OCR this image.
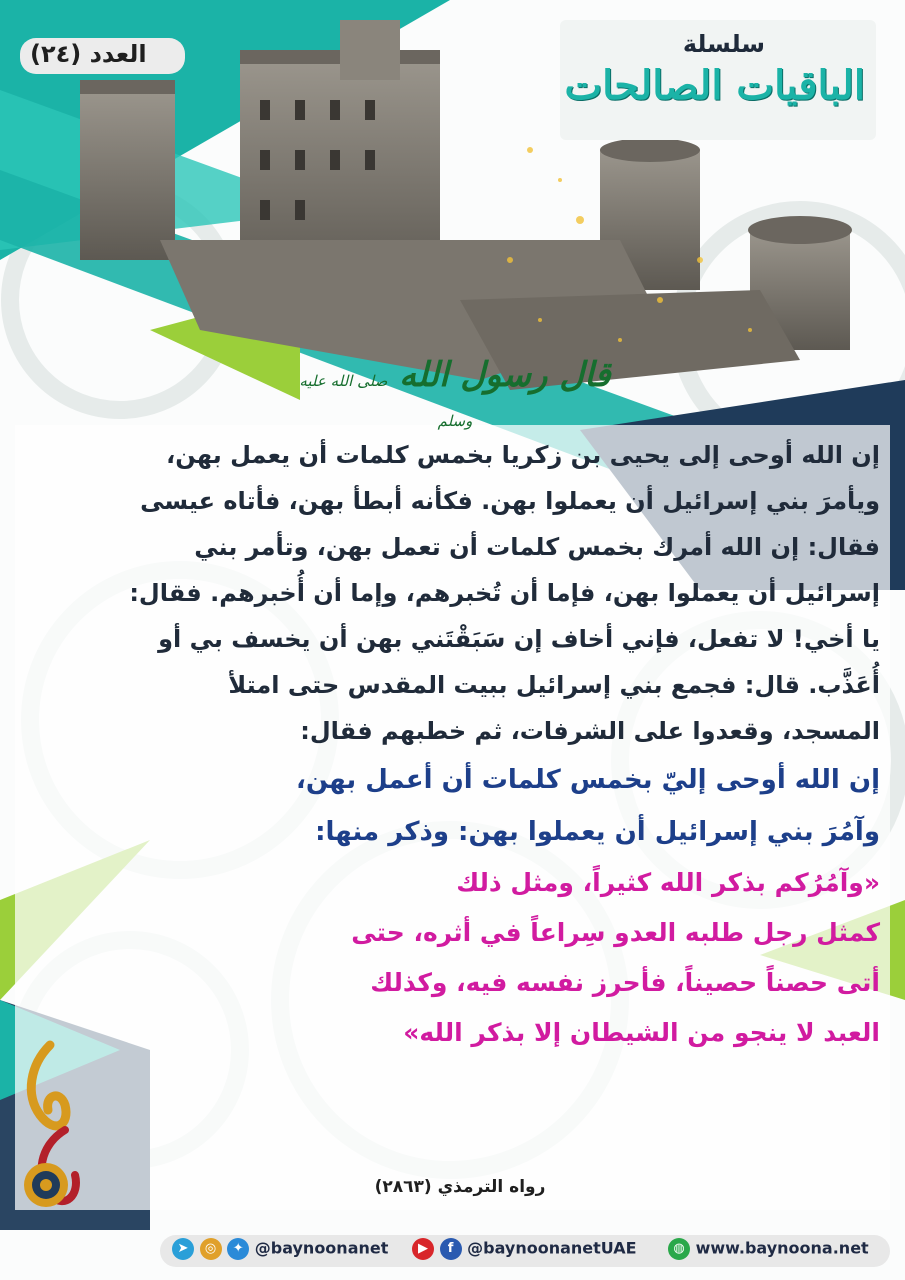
سلسلة
الباقيات الصالحات
العدد (٢٤)
قال رسول الله صلى الله عليه وسلم
إن الله أوحى إلى يحيى بن زكريا بخمس كلمات أن يعمل بهن،
ويأمرَ بني إسرائيل أن يعملوا بهن. فكأنه أبطأ بهن، فأتاه عيسى
فقال: إن الله أمرك بخمس كلمات أن تعمل بهن، وتأمر بني
إسرائيل أن يعملوا بهن، فإما أن تُخبرهم، وإما أن أُخبرهم. فقال:
يا أخي! لا تفعل، فإني أخاف إن سَبَقْتَني بهن أن يخسف بي أو
أُعَذَّب. قال: فجمع بني إسرائيل ببيت المقدس حتى امتلأ
المسجد، وقعدوا على الشرفات، ثم خطبهم فقال:
إن الله أوحى إليّ بخمس كلمات أن أعمل بهن،
وآمُرَ بني إسرائيل أن يعملوا بهن: وذكر منها:
«وآمُرُكم بذكر الله كثيراً، ومثل ذلك
كمثل رجل طلبه العدو سِراعاً في أثره، حتى
أتى حصناً حصيناً، فأحرز نفسه فيه، وكذلك
العبد لا ينجو من الشيطان إلا بذكر الله»
رواه الترمذي (٢٨٦٣)
➤ ◎ ✦ @baynoonanet	▶ f @baynoonanetUAE	◍ www.baynoona.net
